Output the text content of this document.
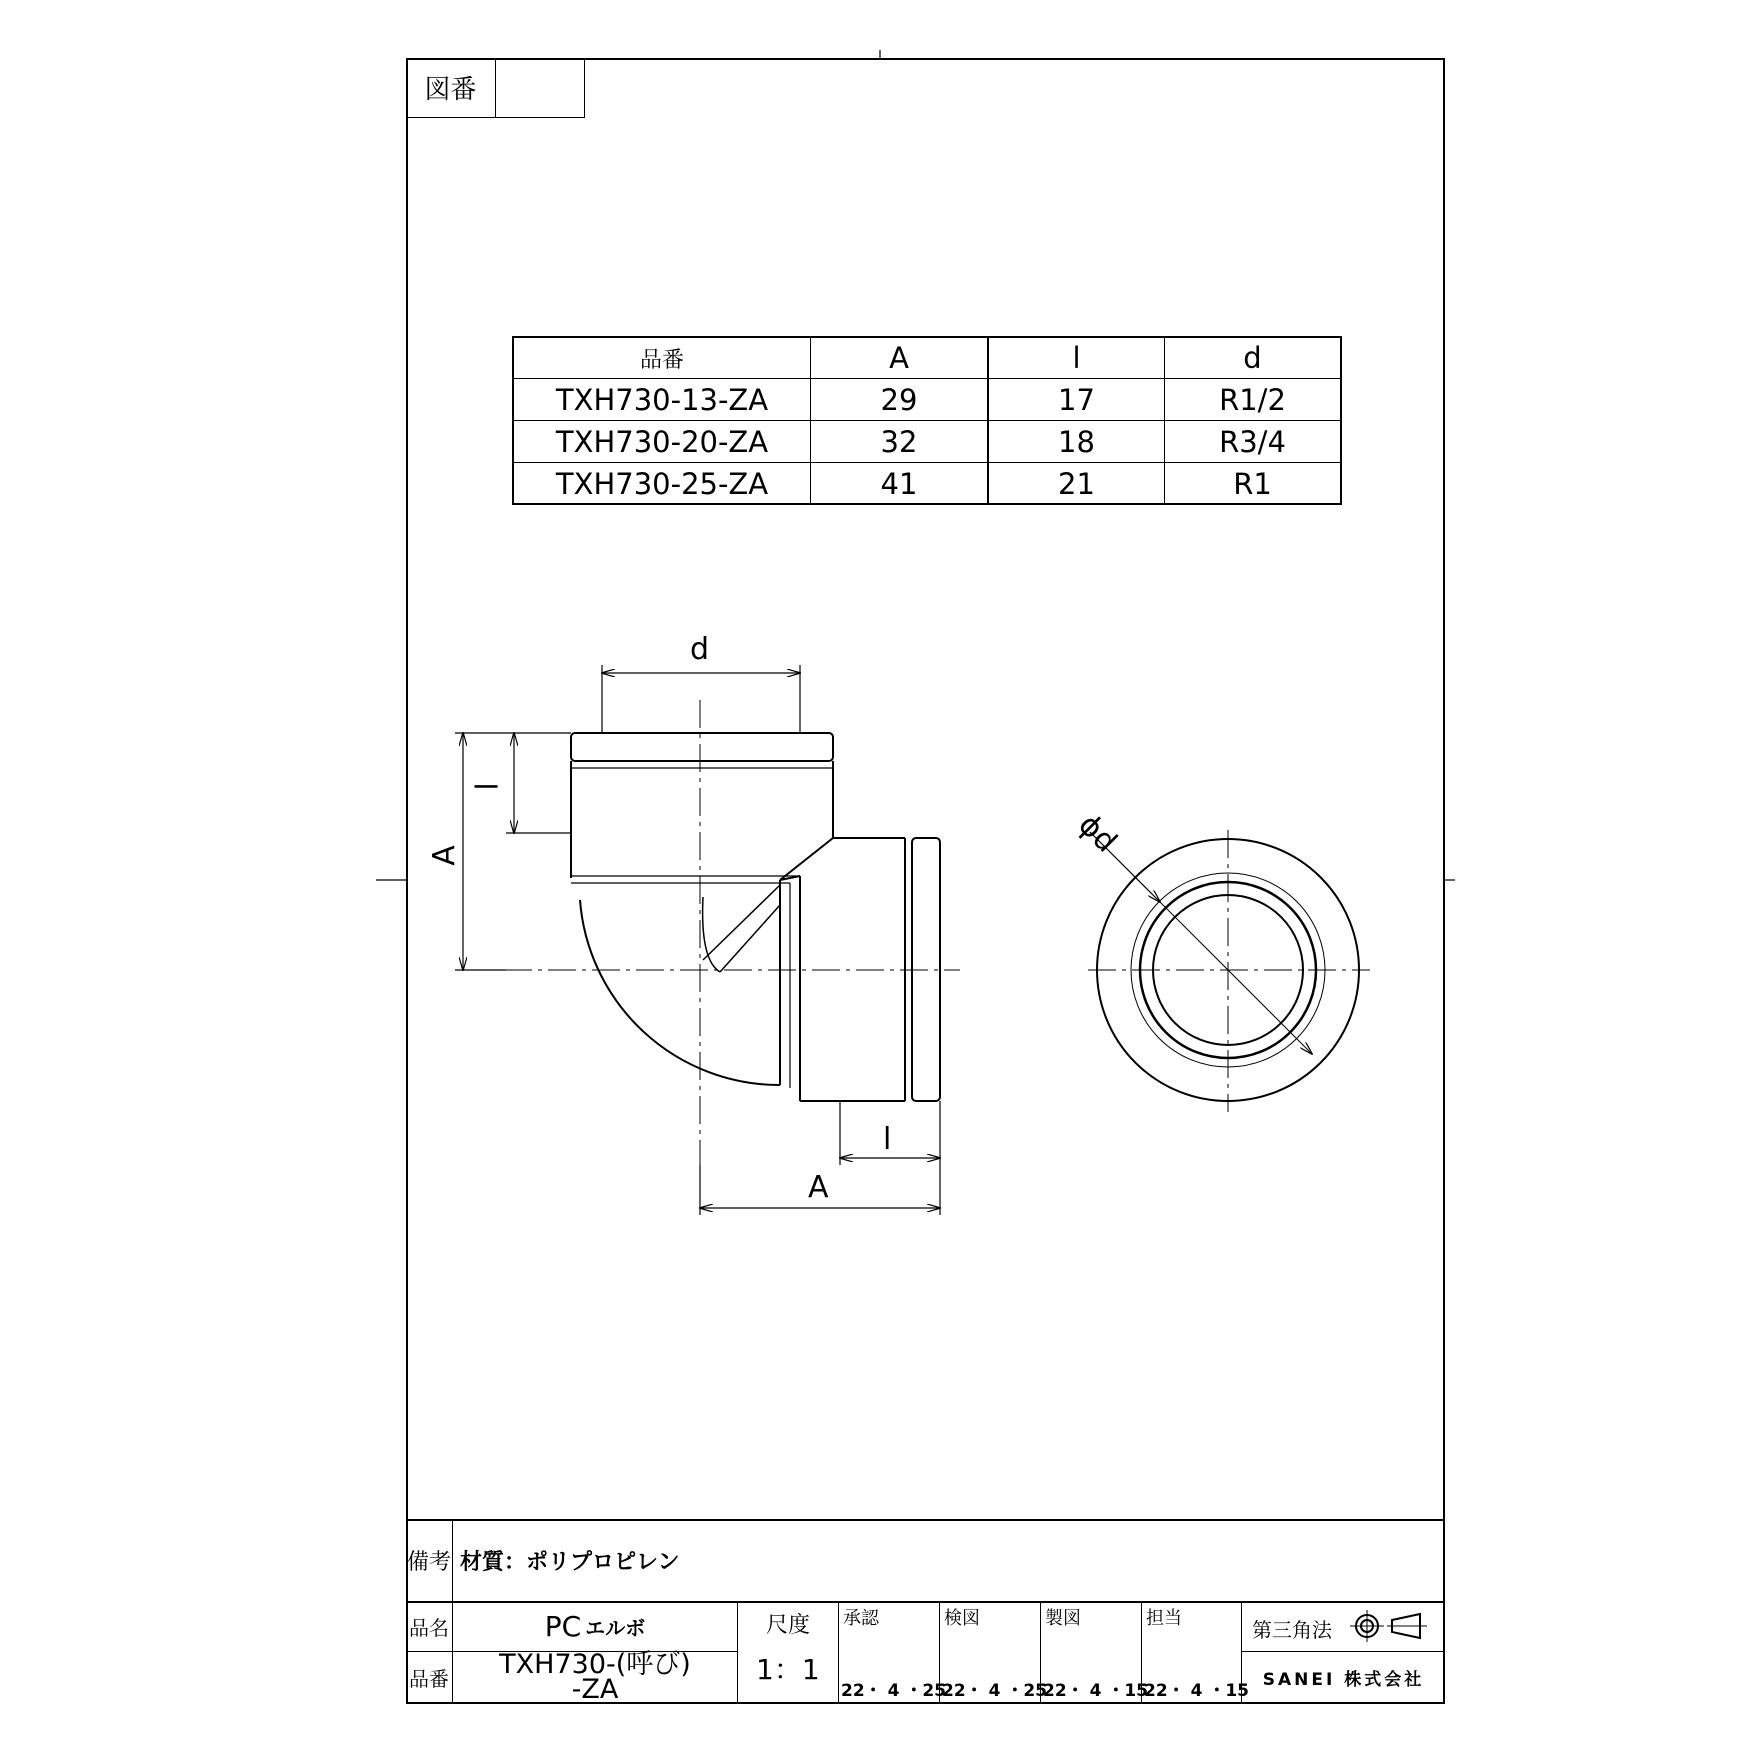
図番
品番	A	l	d
TXH730-13-ZA	29	17	R1/2
TXH730-20-ZA	32	18	R3/4
TXH730-25-ZA	41	21	R1
d
l
A
l
A
ϕd
備考 材質：ポリプロピレン
品名	PC エルボ
品番	TXH730-(呼び)
-ZA
尺度
1：1
承認
22・ 4 ・25
検図
22・ 4 ・25
製図
22・ 4 ・15
担当
22・ 4 ・15
第三角法
SANEI 株式会社
